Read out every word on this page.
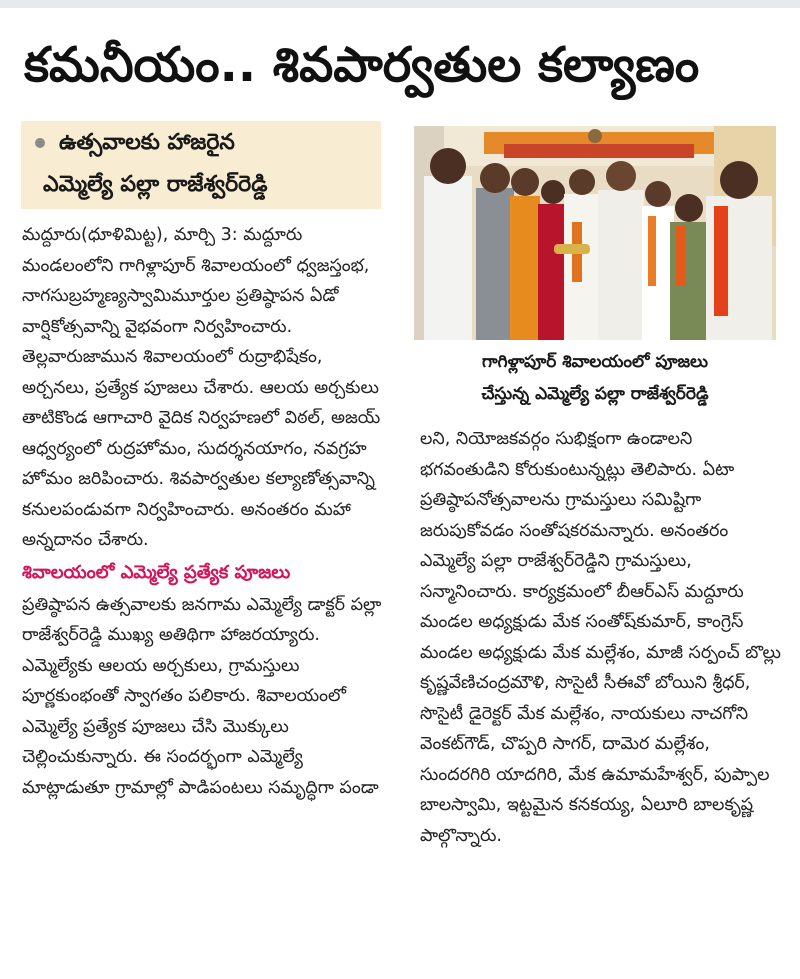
కమనీయం.. శివపార్వతుల కల్యాణం
ఉత్సవాలకు హాజరైన
ఎమ్మెల్యే పల్లా రాజేశ్వర్‌రెడ్డి

మద్దూరు(ధూళిమిట్ట), మార్చి 3: మద్దూరు మండలంలోని గాగిళ్లాపూర్ శివాలయంలో ధ్వజస్తంభ, నాగసుబ్రహ్మణ్యస్వామిమూర్తుల ప్రతిష్ఠాపన ఏడో వార్షికోత్సవాన్ని వైభవంగా నిర్వహించారు. తెల్లవారుజామున శివాలయంలో రుద్రాభిషేకం, అర్చనలు, ప్రత్యేక పూజలు చేశారు. ఆలయ అర్చకులు తాటికొండ ఆగాచారి వైదిక నిర్వహణలో విఠల్, అజయ్ ఆధ్వర్యంలో రుద్రహోమం, సుదర్శనయాగం, నవగ్రహ హోమం జరిపించారు. శివపార్వతుల కల్యాణోత్సవాన్ని కనులపండువగా నిర్వహించారు. అనంతరం మహా అన్నదానం చేశారు.

శివాలయంలో ఎమ్మెల్యే ప్రత్యేక పూజలు

ప్రతిష్ఠాపన ఉత్సవాలకు జనగామ ఎమ్మెల్యే డాక్టర్ పల్లా రాజేశ్వర్‌రెడ్డి ముఖ్య అతిథిగా హాజరయ్యారు. ఎమ్మెల్యేకు ఆలయ అర్చకులు, గ్రామస్తులు పూర్ణకుంభంతో స్వాగతం పలికారు. శివాలయంలో ఎమ్మెల్యే ప్రత్యేక పూజలు చేసి మొక్కులు చెల్లించుకున్నారు. ఈ సందర్భంగా ఎమ్మెల్యే మాట్లాడుతూ గ్రామాల్లో పాడిపంటలు సమృద్ధిగా పండా

గాగిళ్లాపూర్ శివాలయంలో పూజలు
చేస్తున్న ఎమ్మెల్యే పల్లా రాజేశ్వర్‌రెడ్డి

లని, నియోజకవర్గం సుభిక్షంగా ఉండాలని భగవంతుడిని కోరుకుంటున్నట్లు తెలిపారు. ఏటా ప్రతిష్ఠాపనోత్సవాలను గ్రామస్తులు సమిష్టిగా జరుపుకోవడం సంతోషకరమన్నారు. అనంతరం ఎమ్మెల్యే పల్లా రాజేశ్వర్‌రెడ్డిని గ్రామస్తులు, సన్మానించారు. కార్యక్రమంలో బీఆర్‌ఎస్ మద్దూరు మండల అధ్యక్షుడు మేక సంతోష్‌కుమార్, కాంగ్రెస్ మండల అధ్యక్షుడు మేక మల్లేశం, మాజీ సర్పంచ్ బొల్లు కృష్ణవేణిచంద్రమౌళి, సొసైటీ సీఈవో బోయిని శ్రీధర్, సొసైటీ డైరెక్టర్ మేక మల్లేశం, నాయకులు నాచగోని వెంకట్‌గౌడ్, చొప్పరి సాగర్, దామెర మల్లేశం, సుందరగిరి యాదగిరి, మేక ఉమామహేశ్వర్, పుప్పాల బాలస్వామి, ఇట్టమైన కనకయ్య, ఏలూరి బాలకృష్ణ పాల్గొన్నారు.
